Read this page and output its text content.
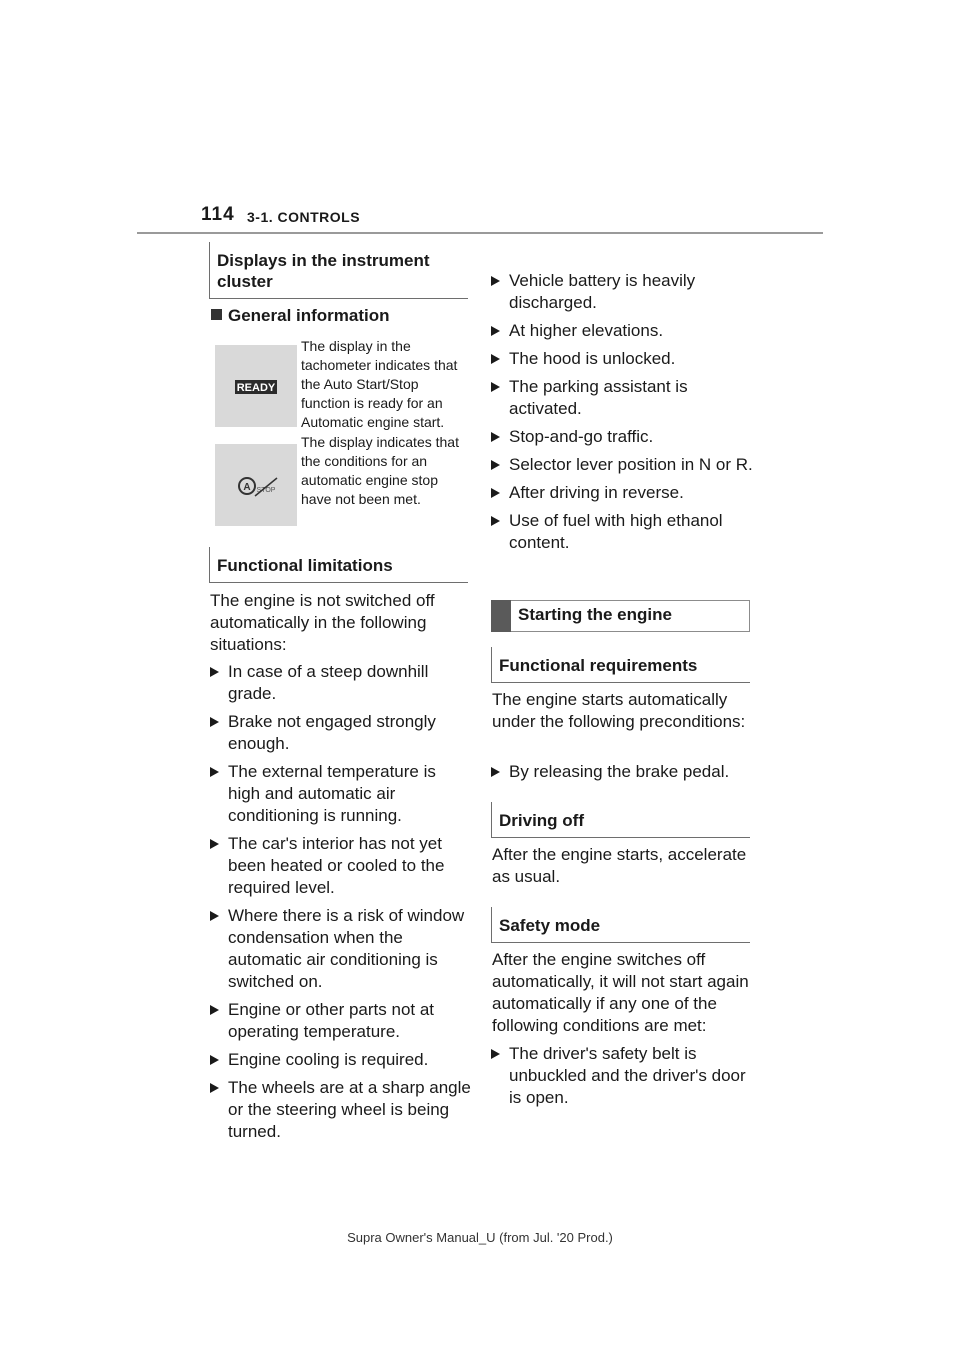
114 3-1. CONTROLS
Displays in the instrument cluster
General information
READY
The display in the tachometer indicates that the Auto Start/Stop function is ready for an Automatic engine start.
A STOP
The display indicates that the conditions for an automatic engine stop have not been met.
Functional limitations
The engine is not switched off automatically in the following situations:
In case of a steep downhill grade.
Brake not engaged strongly enough.
The external temperature is high and automatic air conditioning is running.
The car's interior has not yet been heated or cooled to the required level.
Where there is a risk of window condensation when the automatic air conditioning is switched on.
Engine or other parts not at operating temperature.
Engine cooling is required.
The wheels are at a sharp angle or the steering wheel is being turned.
Vehicle battery is heavily discharged.
At higher elevations.
The hood is unlocked.
The parking assistant is activated.
Stop-and-go traffic.
Selector lever position in N or R.
After driving in reverse.
Use of fuel with high ethanol content.
Starting the engine
Functional requirements
The engine starts automatically under the following preconditions:
By releasing the brake pedal.
Driving off
After the engine starts, accelerate as usual.
Safety mode
After the engine switches off automatically, it will not start again automatically if any one of the following conditions are met:
The driver's safety belt is unbuckled and the driver's door is open.
Supra Owner's Manual_U (from Jul. '20 Prod.)
